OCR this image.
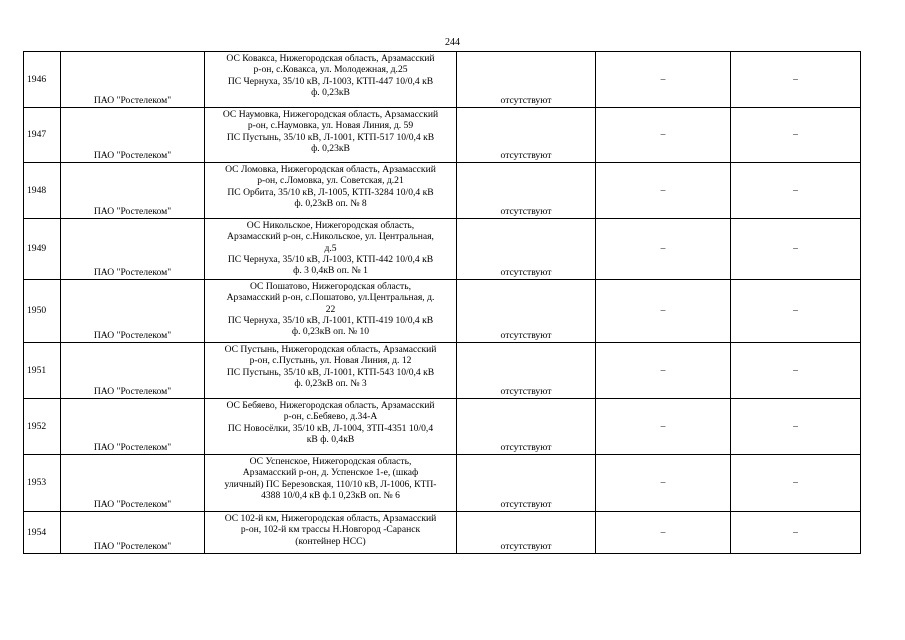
244
1946	ПАО "Ростелеком"	ОС Ковакса, Нижегородская область, Арзамасский
р-он, с.Ковакса, ул. Молодежная, д.25
ПС Чернуха, 35/10 кВ, Л-1003, КТП-447 10/0,4 кВ
ф. 0,23кВ	отсутствуют	–	–
1947	ПАО "Ростелеком"	ОС Наумовка, Нижегородская область, Арзамасский
р-он, с.Наумовка, ул. Новая Линия, д. 59
ПС Пустынь, 35/10 кВ, Л-1001, КТП-517 10/0,4 кВ
ф. 0,23кВ	отсутствуют	–	–
1948	ПАО "Ростелеком"	ОС Ломовка, Нижегородская область, Арзамасский
р-он, с.Ломовка, ул. Советская, д.21
ПС Орбита, 35/10 кВ, Л-1005, КТП-3284 10/0,4 кВ
ф. 0,23кВ оп. № 8	отсутствуют	–	–
1949	ПАО "Ростелеком"	ОС Никольское, Нижегородская область,
Арзамасский р-он, с.Никольское, ул. Центральная,
д.5
ПС Чернуха, 35/10 кВ, Л-1003, КТП-442 10/0,4 кВ
ф. 3 0,4кВ оп. № 1	отсутствуют	–	–
1950	ПАО "Ростелеком"	ОС Пошатово, Нижегородская область,
Арзамасский р-он, с.Пошатово, ул.Центральная, д.
22
ПС Чернуха, 35/10 кВ, Л-1001, КТП-419 10/0,4 кВ
ф. 0,23кВ оп. № 10	отсутствуют	–	–
1951	ПАО "Ростелеком"	ОС Пустынь, Нижегородская область, Арзамасский
р-он, с.Пустынь, ул. Новая Линия, д. 12
ПС Пустынь, 35/10 кВ, Л-1001, КТП-543 10/0,4 кВ
ф. 0,23кВ оп. № 3	отсутствуют	–	–
1952	ПАО "Ростелеком"	ОС Бебяево, Нижегородская область, Арзамасский
р-он, с.Бебяево, д.34-А
ПС Новосёлки, 35/10 кВ, Л-1004, ЗТП-4351 10/0,4
кВ ф. 0,4кВ	отсутствуют	–	–
1953	ПАО "Ростелеком"	ОС Успенское, Нижегородская область,
Арзамасский р-он, д. Успенское 1-е, (шкаф
уличный) ПС Березовская, 110/10 кВ, Л-1006, КТП-
4388 10/0,4 кВ ф.1 0,23кВ оп. № 6	отсутствуют	–	–
1954	ПАО "Ростелеком"	ОС 102-й км, Нижегородская область, Арзамасский
р-он, 102-й км трассы Н.Новгород -Саранск
(контейнер НСС)	отсутствуют	–	–
